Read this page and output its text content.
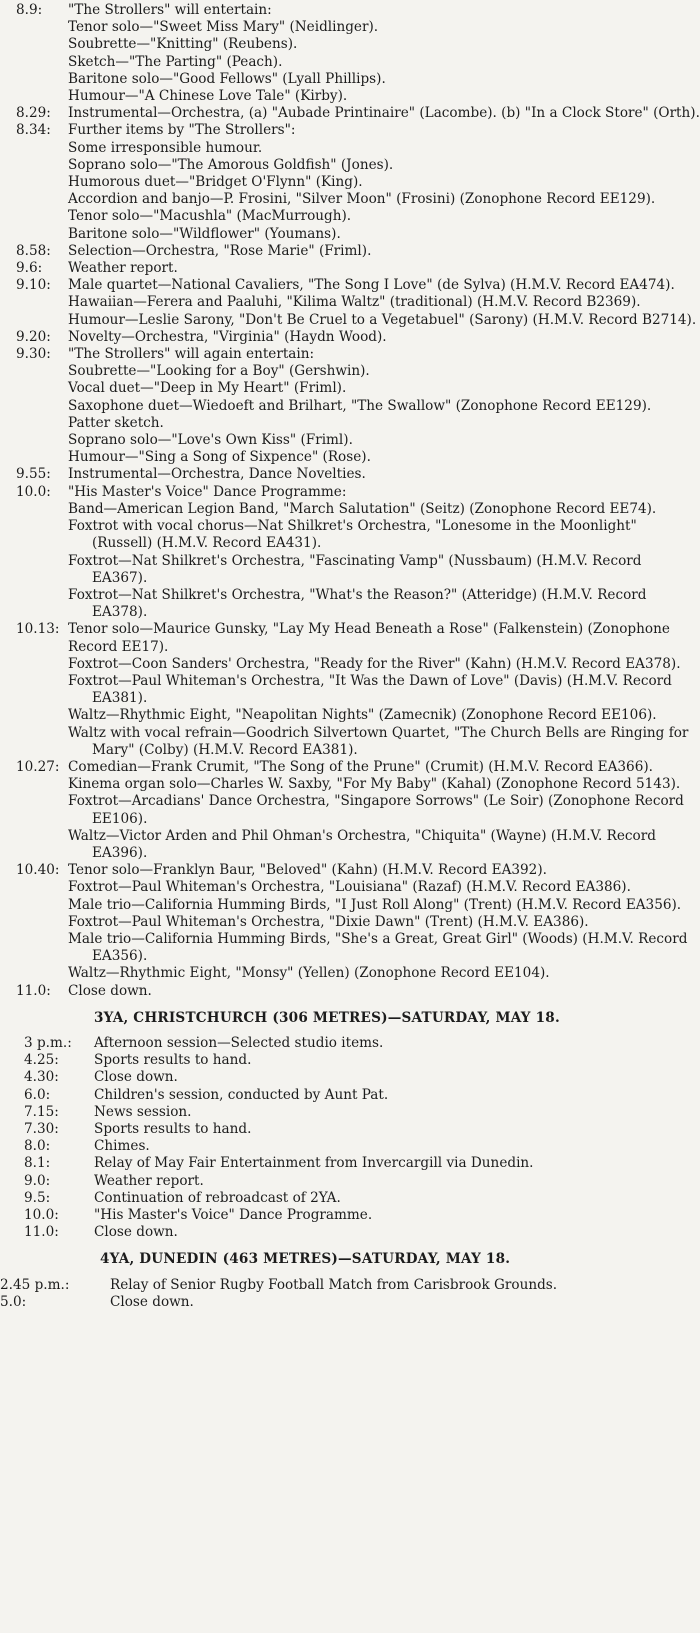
8.9: "The Strollers" will entertain:
Tenor solo—"Sweet Miss Mary" (Neidlinger).
Soubrette—"Knitting" (Reubens).
Sketch—"The Parting" (Peach).
Baritone solo—"Good Fellows" (Lyall Phillips).
Humour—"A Chinese Love Tale" (Kirby).
8.29: Instrumental—Orchestra, (a) "Aubade Printinaire" (Lacombe). (b) "In a Clock Store" (Orth).
8.34: Further items by "The Strollers":
Some irresponsible humour.
Soprano solo—"The Amorous Goldfish" (Jones).
Humorous duet—"Bridget O'Flynn" (King).
Accordion and banjo—P. Frosini, "Silver Moon" (Frosini) (Zonophone Record EE129).
Tenor solo—"Macushla" (MacMurrough).
Baritone solo—"Wildflower" (Youmans).
8.58: Selection—Orchestra, "Rose Marie" (Friml).
9.6: Weather report.
9.10: Male quartet—National Cavaliers, "The Song I Love" (de Sylva) (H.M.V. Record EA474).
Hawaiian—Ferera and Paaluhi, "Kilima Waltz" (traditional) (H.M.V. Record B2369).
Humour—Leslie Sarony, "Don't Be Cruel to a Vegetabuel" (Sarony) (H.M.V. Record B2714).
9.20: Novelty—Orchestra, "Virginia" (Haydn Wood).
9.30: "The Strollers" will again entertain:
Soubrette—"Looking for a Boy" (Gershwin).
Vocal duet—"Deep in My Heart" (Friml).
Saxophone duet—Wiedoeft and Brilhart, "The Swallow" (Zonophone Record EE129).
Patter sketch.
Soprano solo—"Love's Own Kiss" (Friml).
Humour—"Sing a Song of Sixpence" (Rose).
9.55: Instrumental—Orchestra, Dance Novelties.
10.0: "His Master's Voice" Dance Programme:
Band—American Legion Band, "March Salutation" (Seitz) (Zonophone Record EE74).
Foxtrot with vocal chorus—Nat Shilkret's Orchestra, "Lonesome in the Moonlight" (Russell) (H.M.V. Record EA431).
Foxtrot—Nat Shilkret's Orchestra, "Fascinating Vamp" (Nussbaum) (H.M.V. Record EA367).
Foxtrot—Nat Shilkret's Orchestra, "What's the Reason?" (Atteridge) (H.M.V. Record EA378).
10.13: Tenor solo—Maurice Gunsky, "Lay My Head Beneath a Rose" (Falkenstein) (Zonophone Record EE17).
Foxtrot—Coon Sanders' Orchestra, "Ready for the River" (Kahn) (H.M.V. Record EA378).
Foxtrot—Paul Whiteman's Orchestra, "It Was the Dawn of Love" (Davis) (H.M.V. Record EA381).
Waltz—Rhythmic Eight, "Neapolitan Nights" (Zamecnik) (Zonophone Record EE106).
Waltz with vocal refrain—Goodrich Silvertown Quartet, "The Church Bells are Ringing for Mary" (Colby) (H.M.V. Record EA381).
10.27: Comedian—Frank Crumit, "The Song of the Prune" (Crumit) (H.M.V. Record EA366).
Kinema organ solo—Charles W. Saxby, "For My Baby" (Kahal) (Zonophone Record 5143).
Foxtrot—Arcadians' Dance Orchestra, "Singapore Sorrows" (Le Soir) (Zonophone Record EE106).
Waltz—Victor Arden and Phil Ohman's Orchestra, "Chiquita" (Wayne) (H.M.V. Record EA396).
10.40: Tenor solo—Franklyn Baur, "Beloved" (Kahn) (H.M.V. Record EA392).
Foxtrot—Paul Whiteman's Orchestra, "Louisiana" (Razaf) (H.M.V. Record EA386).
Male trio—California Humming Birds, "I Just Roll Along" (Trent) (H.M.V. Record EA356).
Foxtrot—Paul Whiteman's Orchestra, "Dixie Dawn" (Trent) (H.M.V. EA386).
Male trio—California Humming Birds, "She's a Great, Great Girl" (Woods) (H.M.V. Record EA356).
Waltz—Rhythmic Eight, "Monsy" (Yellen) (Zonophone Record EE104).
11.0: Close down.
3YA, CHRISTCHURCH (306 METRES)—SATURDAY, MAY 18.
3 p.m.: Afternoon session—Selected studio items.
4.25:	Sports results to hand.
4.30:	Close down.
6.0:	Children's session, conducted by Aunt Pat.
7.15:	News session.
7.30:	Sports results to hand.
8.0:	Chimes.
8.1:	Relay of May Fair Entertainment from Invercargill via Dunedin.
9.0:	Weather report.
9.5:	Continuation of rebroadcast of 2YA.
10.0:	"His Master's Voice" Dance Programme.
11.0:	Close down.
4YA, DUNEDIN (463 METRES)—SATURDAY, MAY 18.
2.45 p.m.:	Relay of Senior Rugby Football Match from Carisbrook Grounds.
5.0:	Close down.
